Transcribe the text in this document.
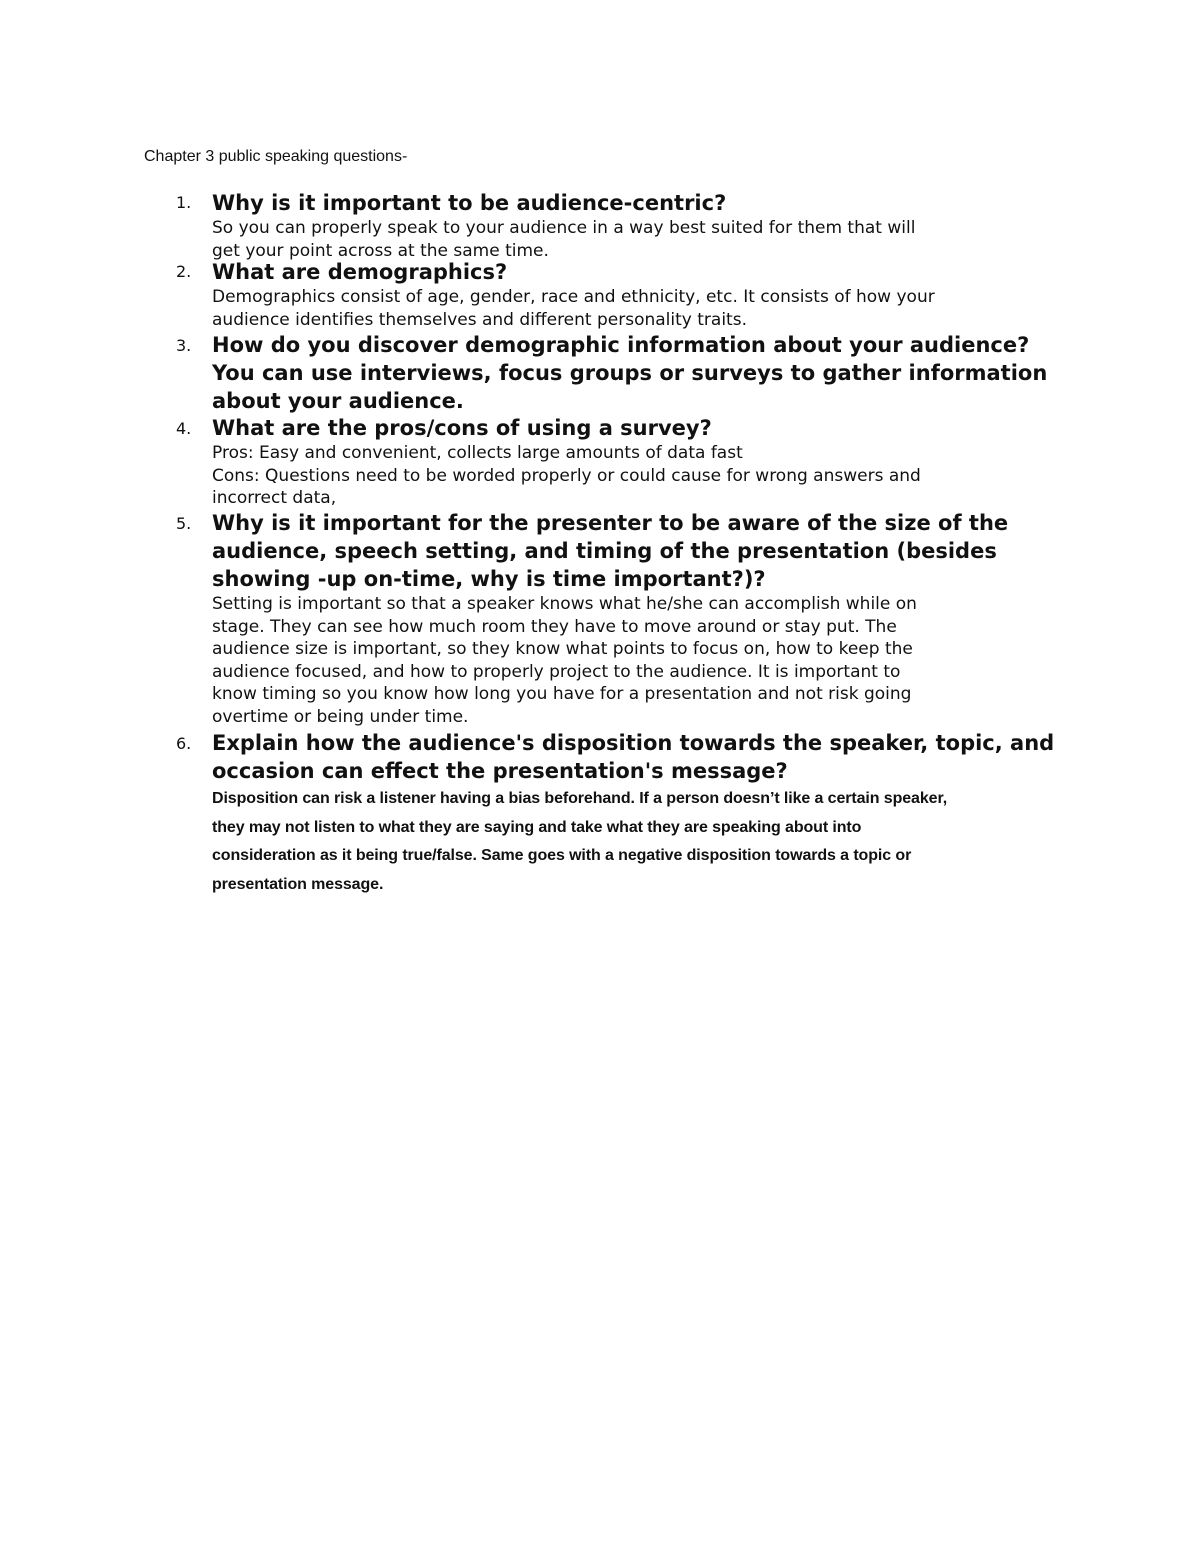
Chapter 3 public speaking questions-
1. Why is it important to be audience-centric?

So you can properly speak to your audience in a way best suited for them that will

get your point across at the same time.

2. What are demographics?

Demographics consist of age, gender, race and ethnicity, etc. It consists of how your

audience identifies themselves and different personality traits.

3. How do you discover demographic information about your audience?

You can use interviews, focus groups or surveys to gather information

about your audience.

4. What are the pros/cons of using a survey?

Pros: Easy and convenient, collects large amounts of data fast

Cons: Questions need to be worded properly or could cause for wrong answers and

incorrect data,

5. Why is it important for the presenter to be aware of the size of the

audience, speech setting, and timing of the presentation (besides

showing -up on-time, why is time important?)?

Setting is important so that a speaker knows what he/she can accomplish while on

stage. They can see how much room they have to move around or stay put. The

audience size is important, so they know what points to focus on, how to keep the

audience focused, and how to properly project to the audience. It is important to

know timing so you know how long you have for a presentation and not risk going

overtime or being under time.

6. Explain how the audience's disposition towards the speaker, topic, and

occasion can effect the presentation's message?

Disposition can risk a listener having a bias beforehand. If a person doesn’t like a certain speaker,

they may not listen to what they are saying and take what they are speaking about into

consideration as it being true/false. Same goes with a negative disposition towards a topic or

presentation message.
